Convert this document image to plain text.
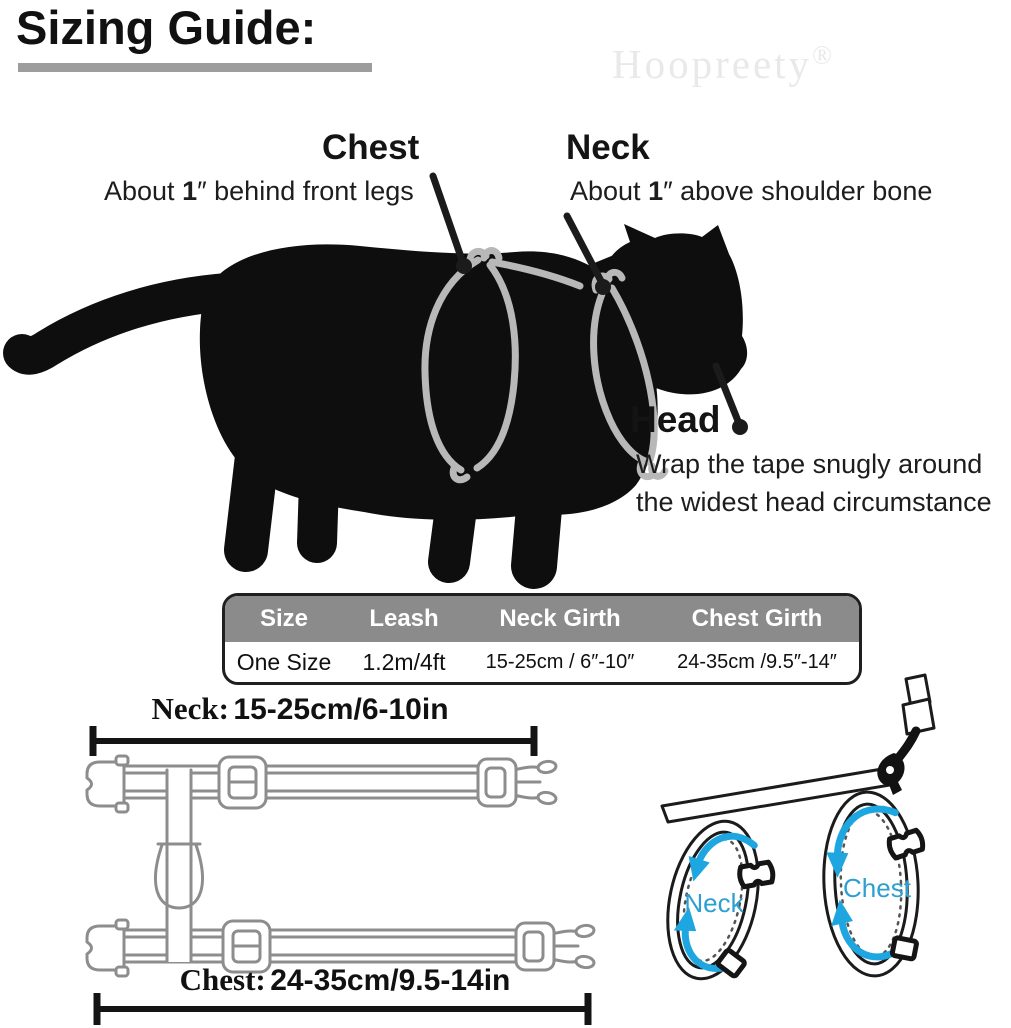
Sizing Guide:
Hoopreety®
Chest
About 1″ behind front legs
Neck
About 1″ above shoulder bone
Head
Wrap the tape snugly around
the widest head circumstance
Size	Leash	Neck Girth	Chest Girth
One Size	1.2m/4ft	15-25cm / 6″-10″	24-35cm /9.5″-14″
Neck: 15-25cm/6-10in
Chest: 24-35cm/9.5-14in
Neck	Chest
